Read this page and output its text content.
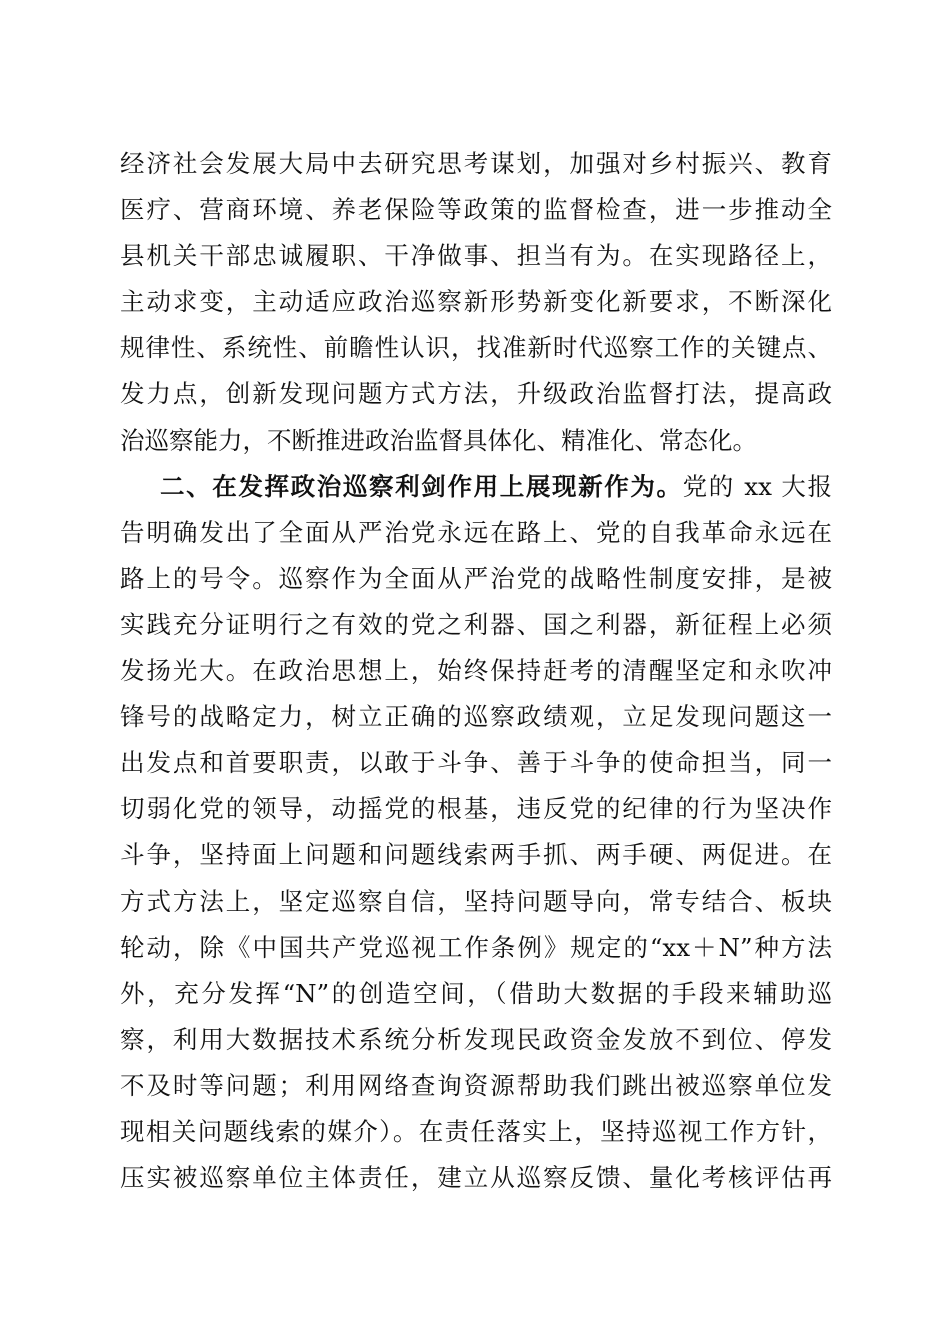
经济社会发展大局中去研究思考谋划，加强对乡村振兴、教育
医疗、营商环境、养老保险等政策的监督检查，进一步推动全
县机关干部忠诚履职、干净做事、担当有为。在实现路径上，
主动求变，主动适应政治巡察新形势新变化新要求，不断深化
规律性、系统性、前瞻性认识，找准新时代巡察工作的关键点、
发力点，创新发现问题方式方法，升级政治监督打法，提高政
治巡察能力，不断推进政治监督具体化、精准化、常态化。
二、在发挥政治巡察利剑作用上展现新作为。党的 xx 大报
告明确发出了全面从严治党永远在路上、党的自我革命永远在
路上的号令。巡察作为全面从严治党的战略性制度安排，是被
实践充分证明行之有效的党之利器、国之利器，新征程上必须
发扬光大。在政治思想上，始终保持赶考的清醒坚定和永吹冲
锋号的战略定力，树立正确的巡察政绩观，立足发现问题这一
出发点和首要职责，以敢于斗争、善于斗争的使命担当，同一
切弱化党的领导，动摇党的根基，违反党的纪律的行为坚决作
斗争，坚持面上问题和问题线索两手抓、两手硬、两促进。在
方式方法上，坚定巡察自信，坚持问题导向，常专结合、板块
轮动，除《中国共产党巡视工作条例》规定的“xx＋N”种方法
外，充分发挥“N”的创造空间，（借助大数据的手段来辅助巡
察，利用大数据技术系统分析发现民政资金发放不到位、停发
不及时等问题；利用网络查询资源帮助我们跳出被巡察单位发
现相关问题线索的媒介）。在责任落实上，坚持巡视工作方针，
压实被巡察单位主体责任，建立从巡察反馈、量化考核评估再
